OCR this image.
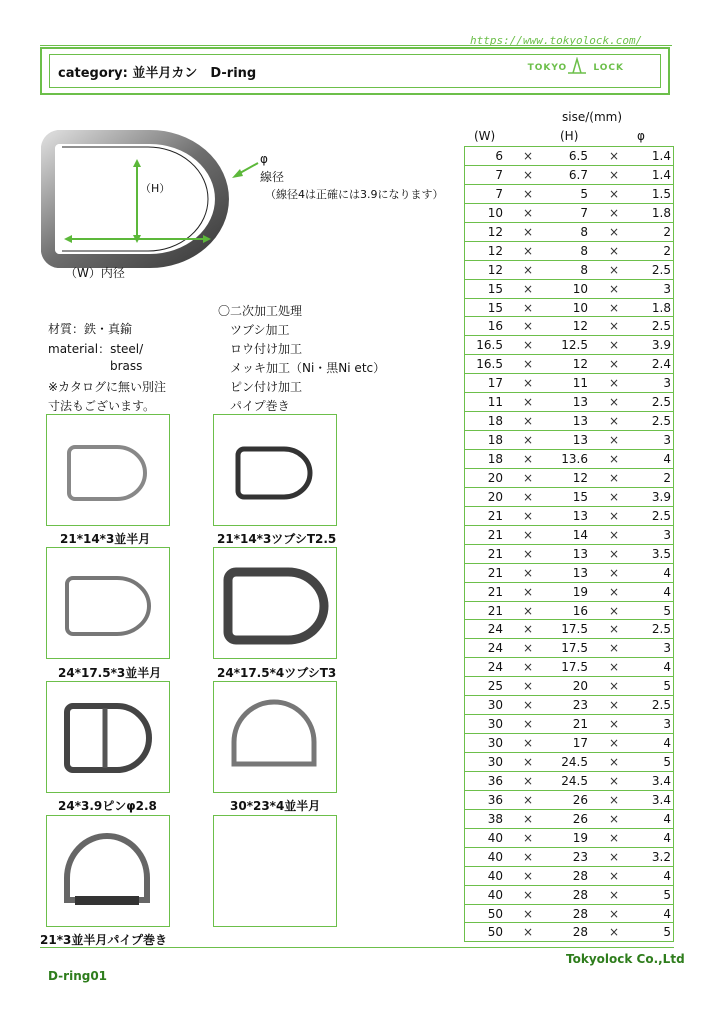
https://www.tokyolock.com/
category: 並半月カン　D-ring	TOKYO	LOCK
φ
線径
（線径4は正確には3.9になります）
（H）
（W）内径
材質：鉄・真鍮
material：steel/
brass
※カタログに無い別注
寸法もございます。
〇二次加工処理
ツブシ加工
ロウ付け加工
メッキ加工（Ni・黒Ni etc）
ピン付け加工
パイプ巻き
21*14*3並半月	21*14*3ツブシT2.5
24*17.5*3並半月	24*17.5*4ツブシT3
24*3.9ピンφ2.8	30*23*4並半月
21*3並半月パイプ巻き
sise/(mm)
(W)	(H)	φ
6 ×	6.5 ×	1.4
7 ×	6.7 ×	1.4
7 ×	5 ×	1.5
10 ×	7 ×	1.8
12 ×	8 ×	2
12 ×	8 ×	2
12 ×	8 ×	2.5
15 ×	10 ×	3
15 ×	10 ×	1.8
16 ×	12 ×	2.5
16.5 × 12.5 ×	3.9
16.5 ×	12 ×	2.4
17 ×	11 ×	3
11 ×	13 ×	2.5
18 ×	13 ×	2.5
18 ×	13 ×	3
18 × 13.6 ×	4
20 ×	12 ×	2
20 ×	15 ×	3.9
21 ×	13 ×	2.5
21 ×	14 ×	3
21 ×	13 ×	3.5
21 ×	13 ×	4
21 ×	19 ×	4
21 ×	16 ×	5
24 × 17.5 ×	2.5
24 × 17.5 ×	3
24 × 17.5 ×	4
25 ×	20 ×	5
30 ×	23 ×	2.5
30 ×	21 ×	3
30 ×	17 ×	4
30 × 24.5 ×	5
36 × 24.5 ×	3.4
36 ×	26 ×	3.4
38 ×	26 ×	4
40 ×	19 ×	4
40 ×	23 ×	3.2
40 ×	28 ×	4
40 ×	28 ×	5
50 ×	28 ×	4
50 ×	28 ×	5
Tokyolock Co.,Ltd
D-ring01
